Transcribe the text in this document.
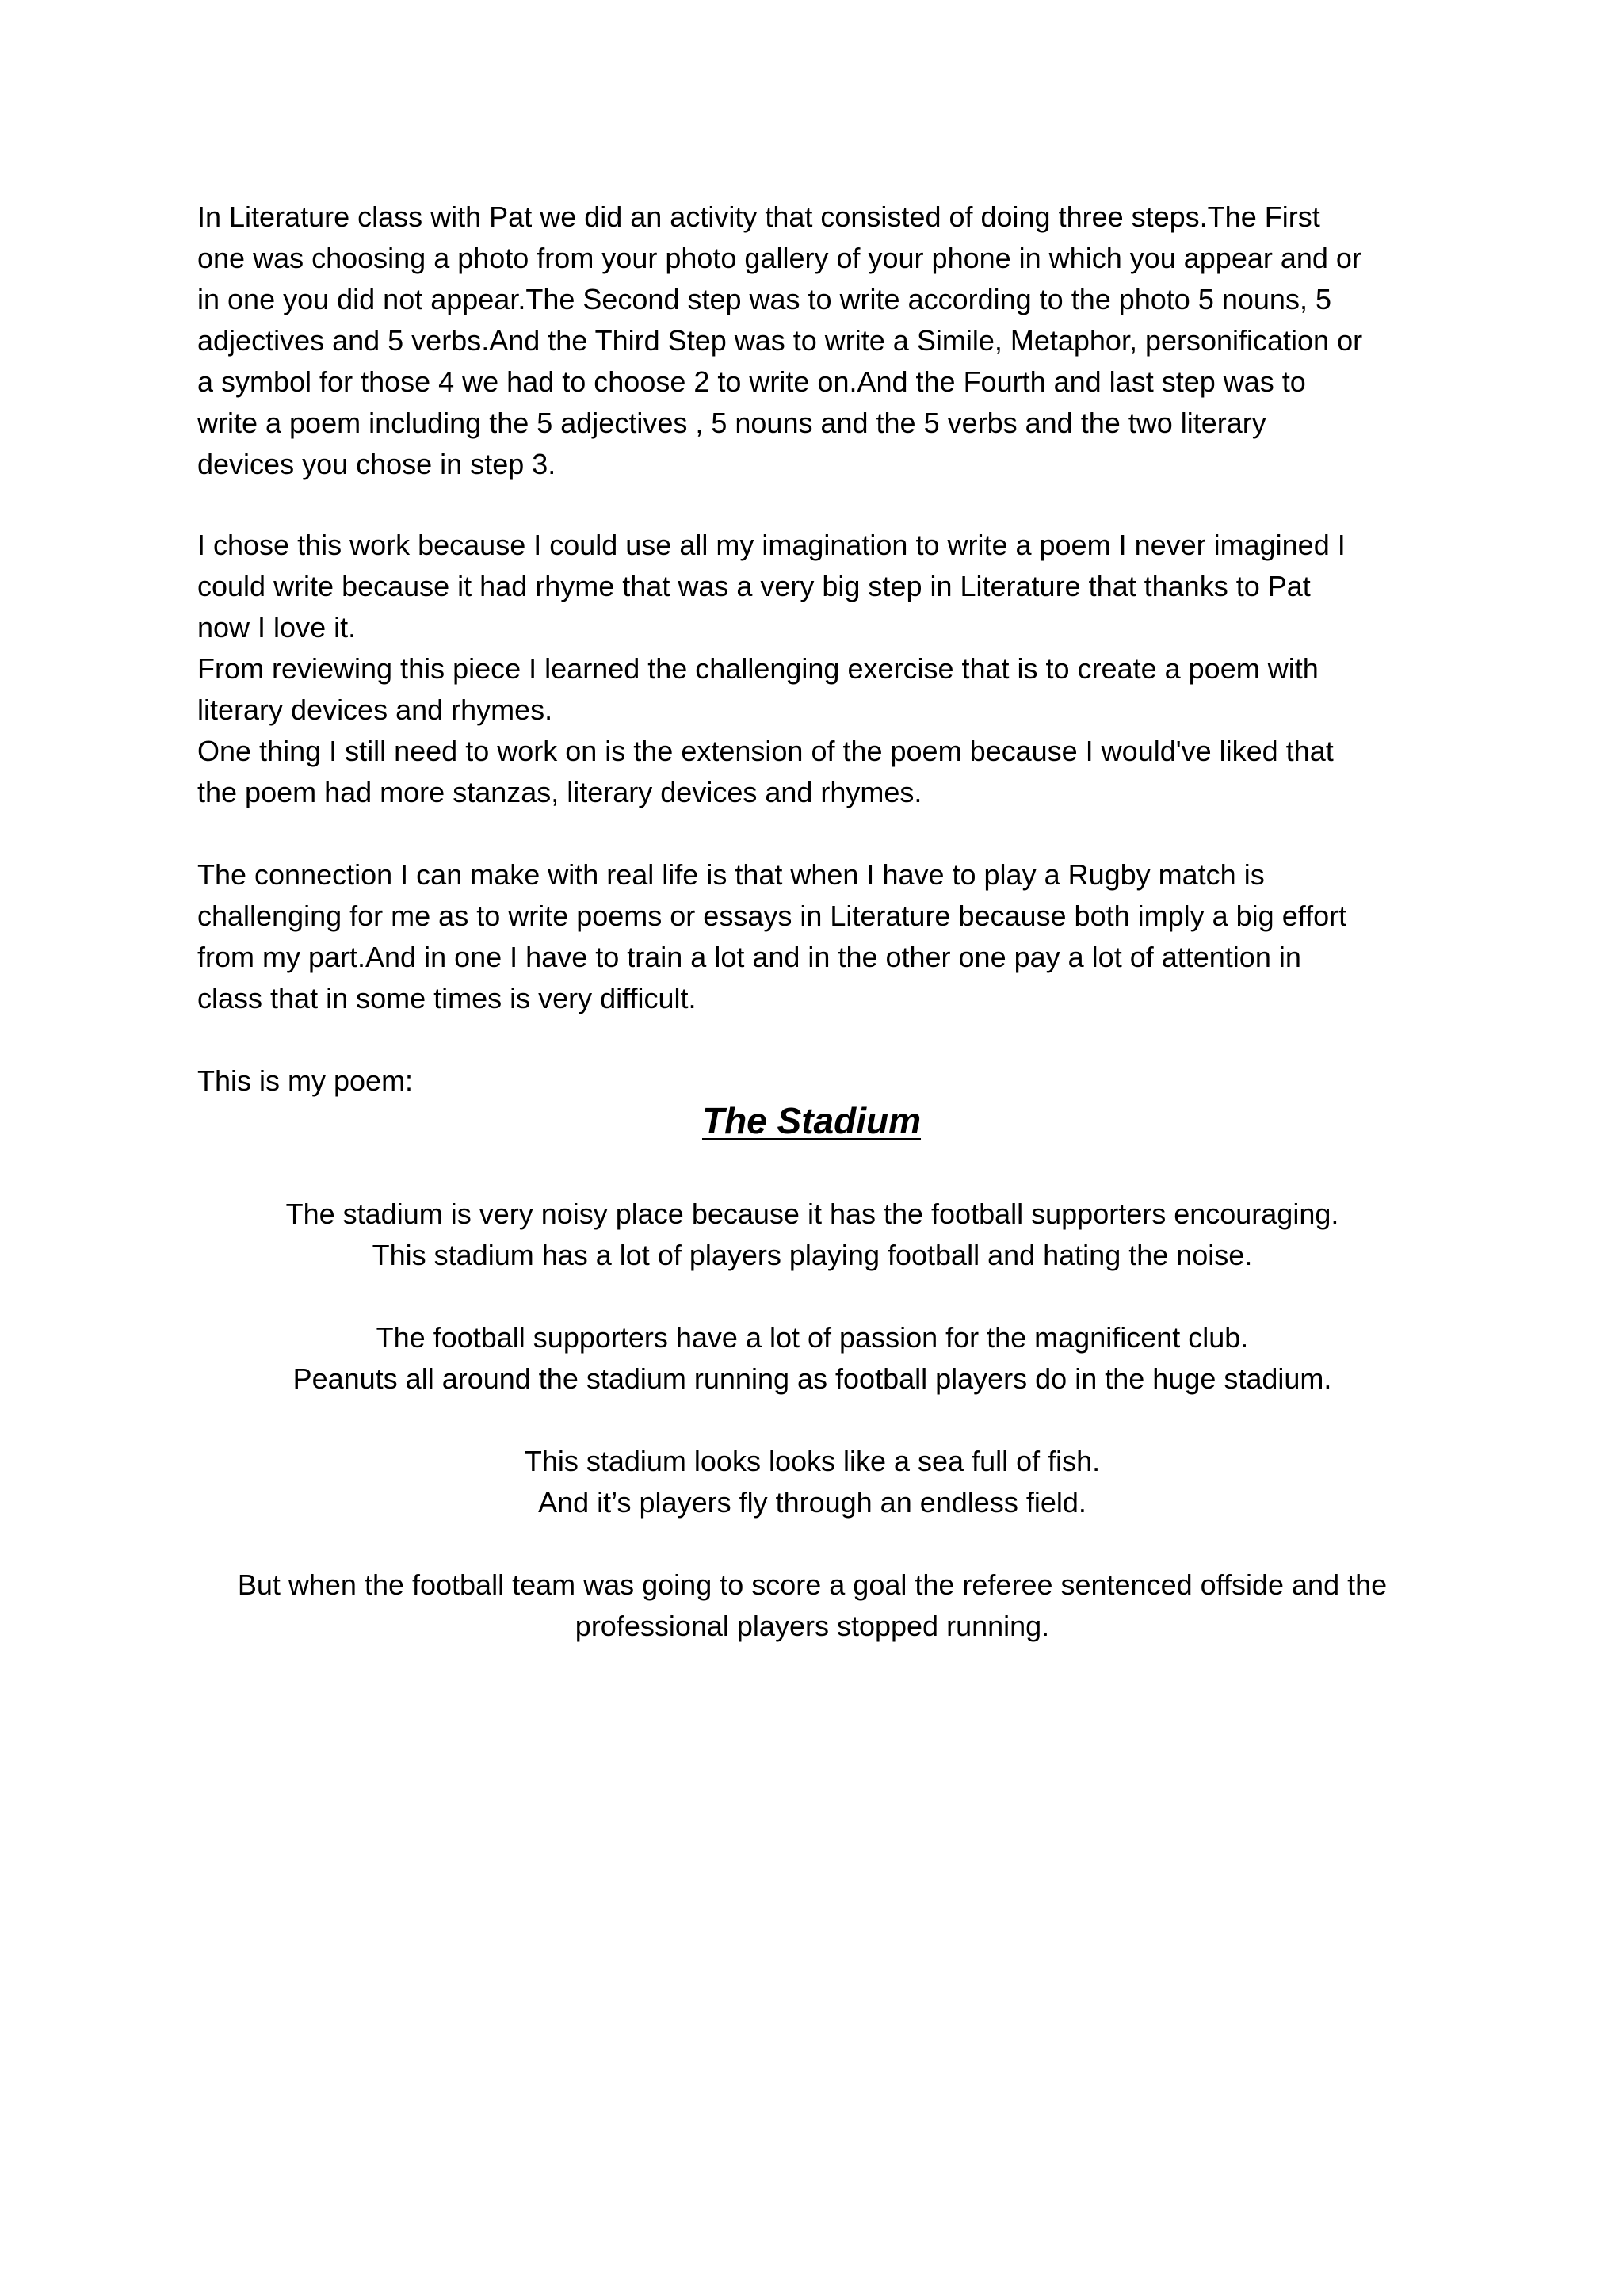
In Literature class with Pat we did an activity that consisted of doing three steps.The First
one was choosing a photo from your photo gallery of your phone in which you appear and or
in one you did not appear.The Second step was to write according to the photo 5 nouns, 5
adjectives and 5 verbs.And the Third Step was to write a Simile, Metaphor, personification or
a symbol for those 4 we had to choose 2 to write on.And the Fourth and last step was to
write a poem including the 5 adjectives , 5 nouns and the 5 verbs and the two literary
devices you chose in step 3.
I chose this work because I could use all my imagination to write a poem I never imagined I
could write because it had rhyme that was a very big step in Literature that thanks to Pat
now I love it.
From reviewing this piece I learned the challenging exercise that is to create a poem with
literary devices and rhymes.
One thing I still need to work on is the extension of the poem because I would've liked that
the poem had more stanzas, literary devices and rhymes.
The connection I can make with real life is that when I have to play a Rugby match is
challenging for me as to write poems or essays in Literature because both imply a big effort
from my part.And in one I have to train a lot and in the other one pay a lot of attention in
class that in some times is very difficult.
This is my poem:
The Stadium
The stadium is very noisy place because it has the football supporters encouraging.
This stadium has a lot of players playing football and hating the noise.
The football supporters have a lot of passion for the magnificent club.
Peanuts all around the stadium running as football players do in the huge stadium.
This stadium looks looks like a sea full of fish.
And it’s players fly through an endless field.
But when the football team was going to score a goal the referee sentenced offside and the
professional players stopped running.
